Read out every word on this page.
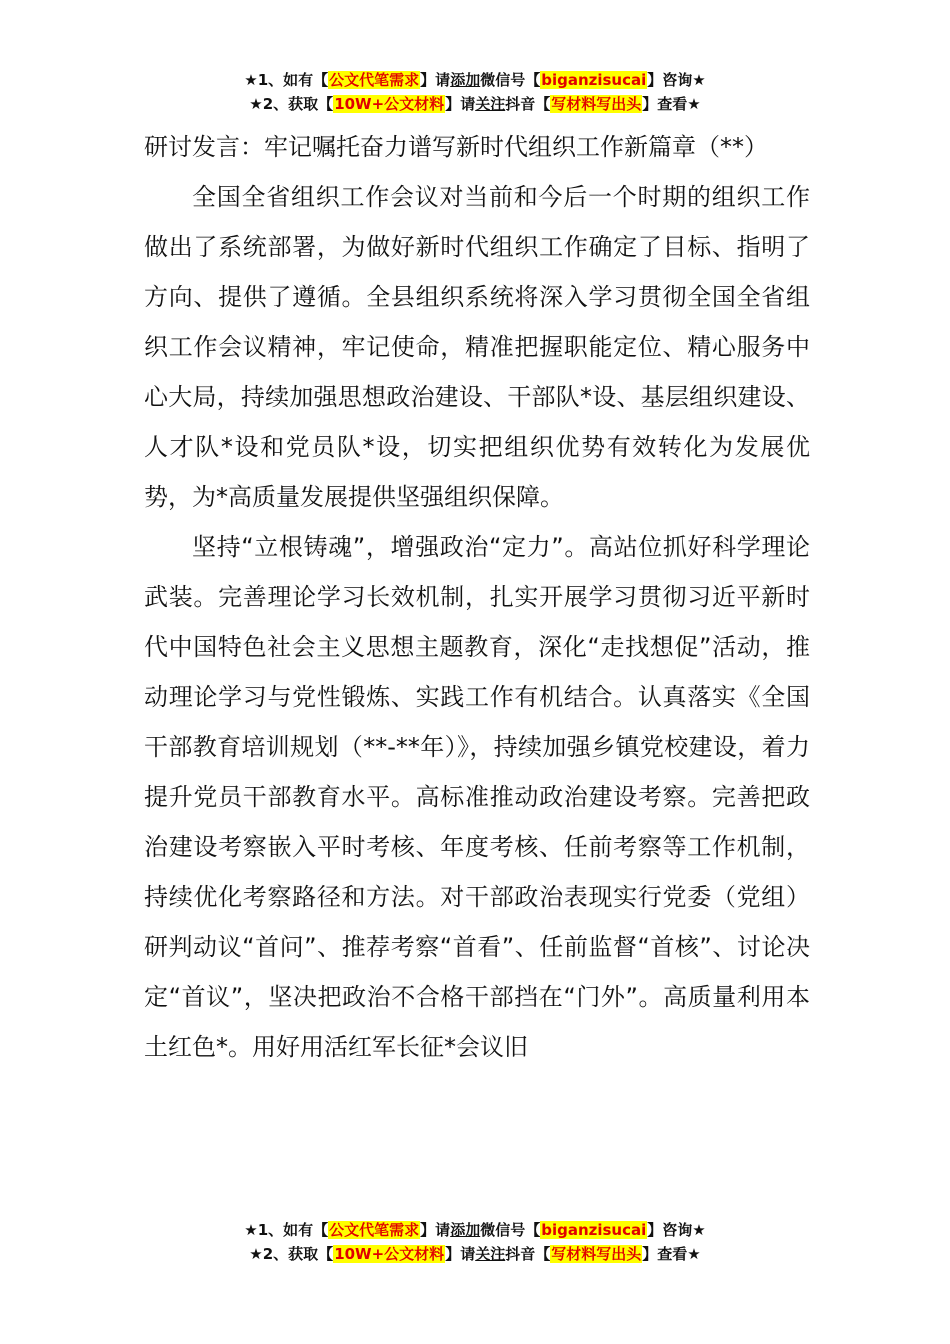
★1、如有【公文代笔需求】请添加微信号【biganzisucai】咨询★
★2、获取【10W+公文材料】请关注抖音【写材料写出头】查看★

研讨发言：牢记嘱托奋力谱写新时代组织工作新篇章（**）

全国全省组织工作会议对当前和今后一个时期的组织工作做出了系统部署，为做好新时代组织工作确定了目标、指明了方向、提供了遵循。全县组织系统将深入学习贯彻全国全省组织工作会议精神，牢记使命，精准把握职能定位、精心服务中心大局，持续加强思想政治建设、干部队*设、基层组织建设、人才队*设和党员队*设，切实把组织优势有效转化为发展优势，为*高质量发展提供坚强组织保障。

坚持“立根铸魂”，增强政治“定力”。高站位抓好科学理论武装。完善理论学习长效机制，扎实开展学习贯彻习近平新时代中国特色社会主义思想主题教育，深化“走找想促”活动，推动理论学习与党性锻炼、实践工作有机结合。认真落实《全国干部教育培训规划（**-**年）》，持续加强乡镇党校建设，着力提升党员干部教育水平。高标准推动政治建设考察。完善把政治建设考察嵌入平时考核、年度考核、任前考察等工作机制，持续优化考察路径和方法。对干部政治表现实行党委（党组）研判动议“首问”、推荐考察“首看”、任前监督“首核”、讨论决定“首议”，坚决把政治不合格干部挡在“门外”。高质量利用本土红色*。用好用活红军长征*会议旧

★1、如有【公文代笔需求】请添加微信号【biganzisucai】咨询★
★2、获取【10W+公文材料】请关注抖音【写材料写出头】查看★
